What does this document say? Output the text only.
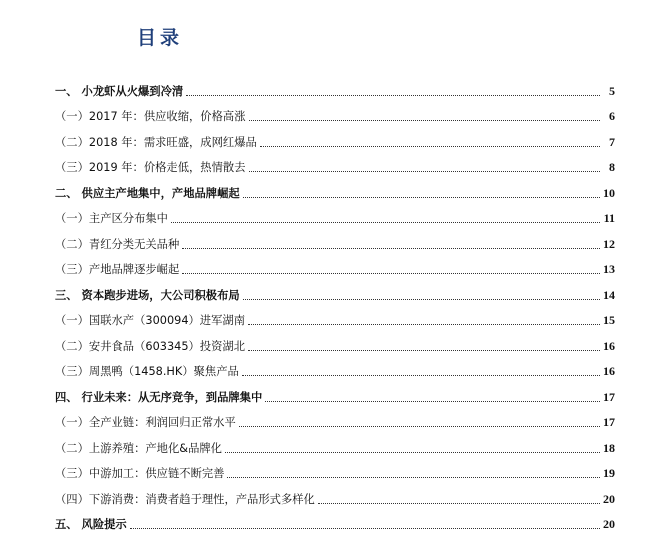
目录
一、 小龙虾从火爆到冷清	5
（一）2017 年：供应收缩，价格高涨	6
（二）2018 年：需求旺盛，成网红爆品	7
（三）2019 年：价格走低，热情散去	8
二、 供应主产地集中，产地品牌崛起	10
（一）主产区分布集中	11
（二）青红分类无关品种	12
（三）产地品牌逐步崛起	13
三、 资本跑步进场，大公司积极布局	14
（一）国联水产（300094）进军湖南	15
（二）安井食品（603345）投资湖北	16
（三）周黑鸭（1458.HK）聚焦产品	16
四、 行业未来：从无序竞争，到品牌集中	17
（一）全产业链：利润回归正常水平	17
（二）上游养殖：产地化&品牌化	18
（三）中游加工：供应链不断完善	19
（四）下游消费：消费者趋于理性，产品形式多样化	20
五、 风险提示	20
